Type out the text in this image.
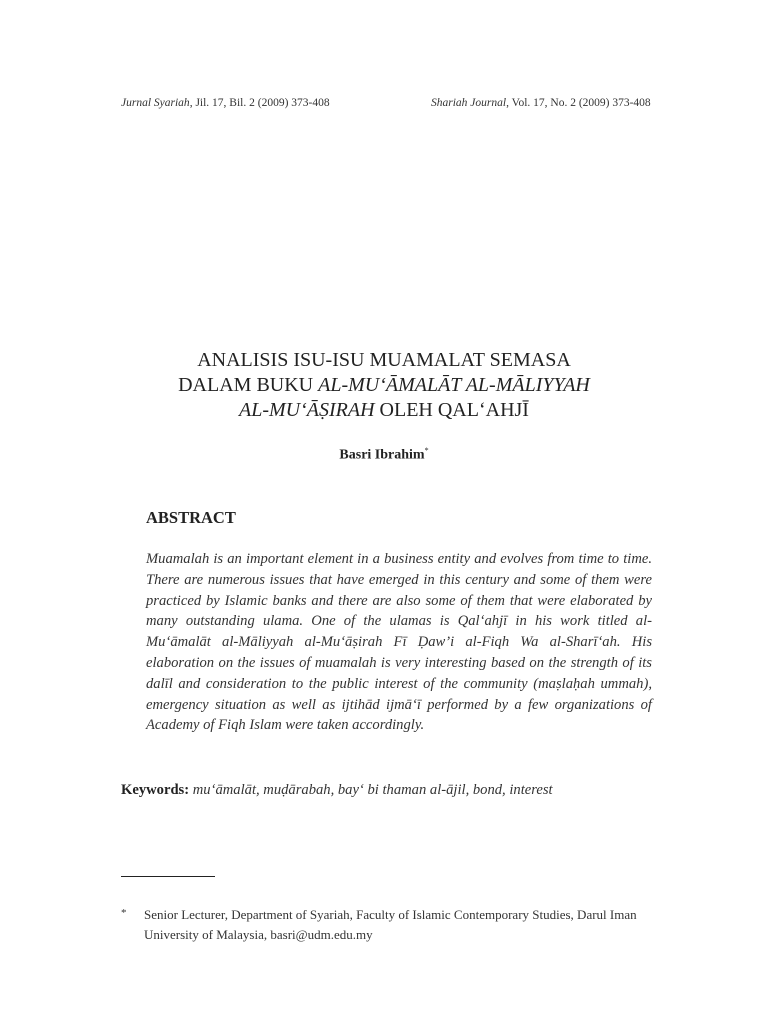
Jurnal Syariah, Jil. 17, Bil. 2 (2009) 373-408	Shariah Journal, Vol. 17, No. 2 (2009) 373-408
ANALISIS ISU-ISU MUAMALAT SEMASA
DALAM BUKU AL-MU‘ĀMALĀT AL-MĀLIYYAH
AL-MU‘ĀṢIRAH OLEH QAL‘AHJĪ
Basri Ibrahim*
ABSTRACT
Muamalah is an important element in a business entity and evolves from time to time. There are numerous issues that have emerged in this century and some of them were practiced by Islamic banks and there are also some of them that were elaborated by many outstanding ulama. One of the ulamas is Qal‘ahjī in his work titled al-Mu‘āmalāt al-Māliyyah al-Mu‘āṣirah Fī Ḍaw’i al-Fiqh Wa al-Sharī‘ah. His elaboration on the issues of muamalah is very interesting based on the strength of its dalīl and consideration to the public interest of the community (maṣlaḥah ummah), emergency situation as well as ijtihād ijmā‘ī performed by a few organizations of Academy of Fiqh Islam were taken accordingly.
Keywords: mu‘āmalāt, muḍārabah, bay‘ bi thaman al-ājil, bond, interest
* Senior Lecturer, Department of Syariah, Faculty of Islamic Contemporary Studies, Darul Iman University of Malaysia, basri@udm.edu.my
